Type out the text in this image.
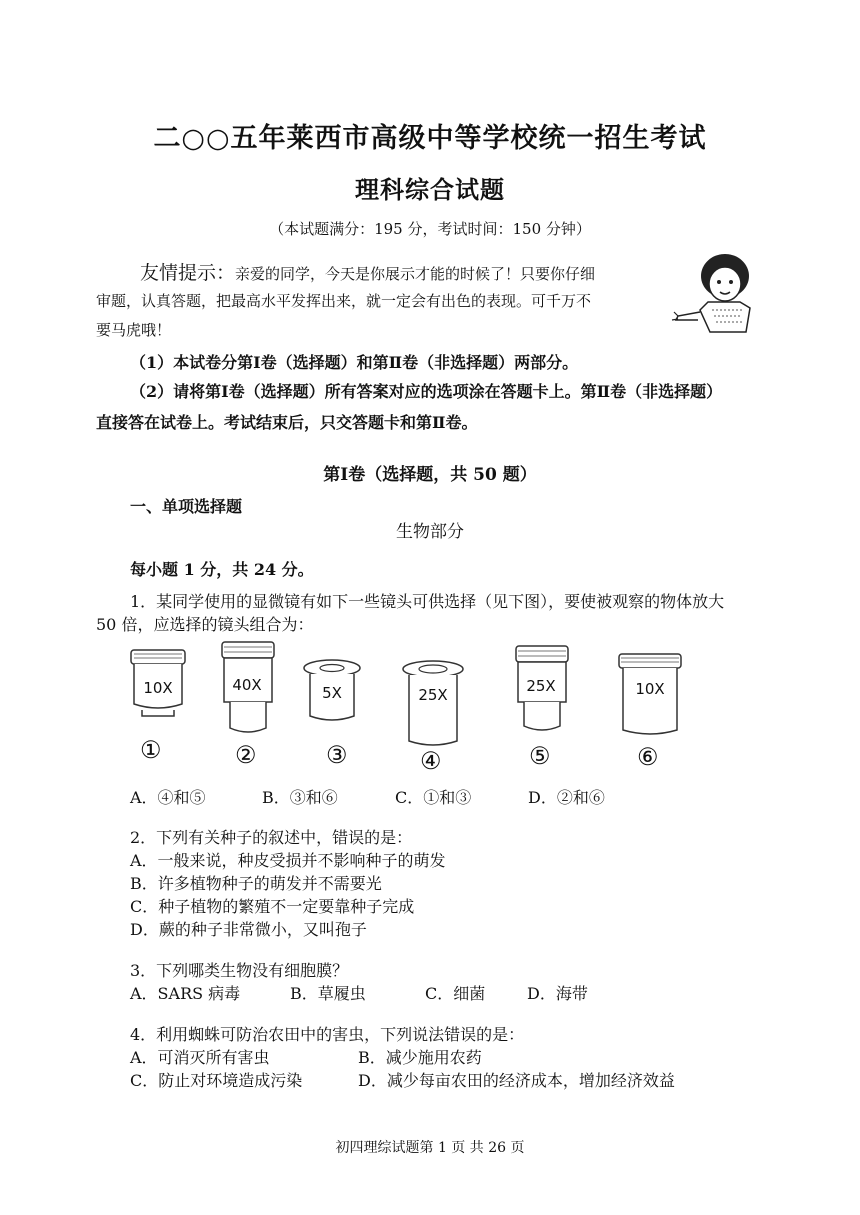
二○○五年莱西市高级中等学校统一招生考试
理科综合试题
（本试题满分：195 分，考试时间：150 分钟）
友情提示：亲爱的同学，今天是你展示才能的时候了！只要你仔细
审题，认真答题，把最高水平发挥出来，就一定会有出色的表现。可千万不
要马虎哦！
（1）本试卷分第Ⅰ卷（选择题）和第Ⅱ卷（非选择题）两部分。
（2）请将第Ⅰ卷（选择题）所有答案对应的选项涂在答题卡上。第Ⅱ卷（非选择题）
直接答在试卷上。考试结束后，只交答题卡和第Ⅱ卷。
第Ⅰ卷（选择题，共 50 题）
一、单项选择题
生物部分
每小题 1 分，共 24 分。
1．某同学使用的显微镜有如下一些镜头可供选择（见下图），要使被观察的物体放大
50 倍，应选择的镜头组合为：
10X
①
40X
②
5X
③
25X
④
25X
⑤
10X
⑥
A．④和⑤	B．③和⑥	C．①和③	D．②和⑥
2．下列有关种子的叙述中，错误的是：
A．一般来说，种皮受损并不影响种子的萌发
B．许多植物种子的萌发并不需要光
C．种子植物的繁殖不一定要靠种子完成
D．蕨的种子非常微小，又叫孢子
3．下列哪类生物没有细胞膜？
A．SARS 病毒	B．草履虫	C．细菌	D．海带
4．利用蜘蛛可防治农田中的害虫，下列说法错误的是：
A．可消灭所有害虫	B．减少施用农药
C．防止对环境造成污染	D．减少每亩农田的经济成本，增加经济效益
初四理综试题第 1 页 共 26 页
